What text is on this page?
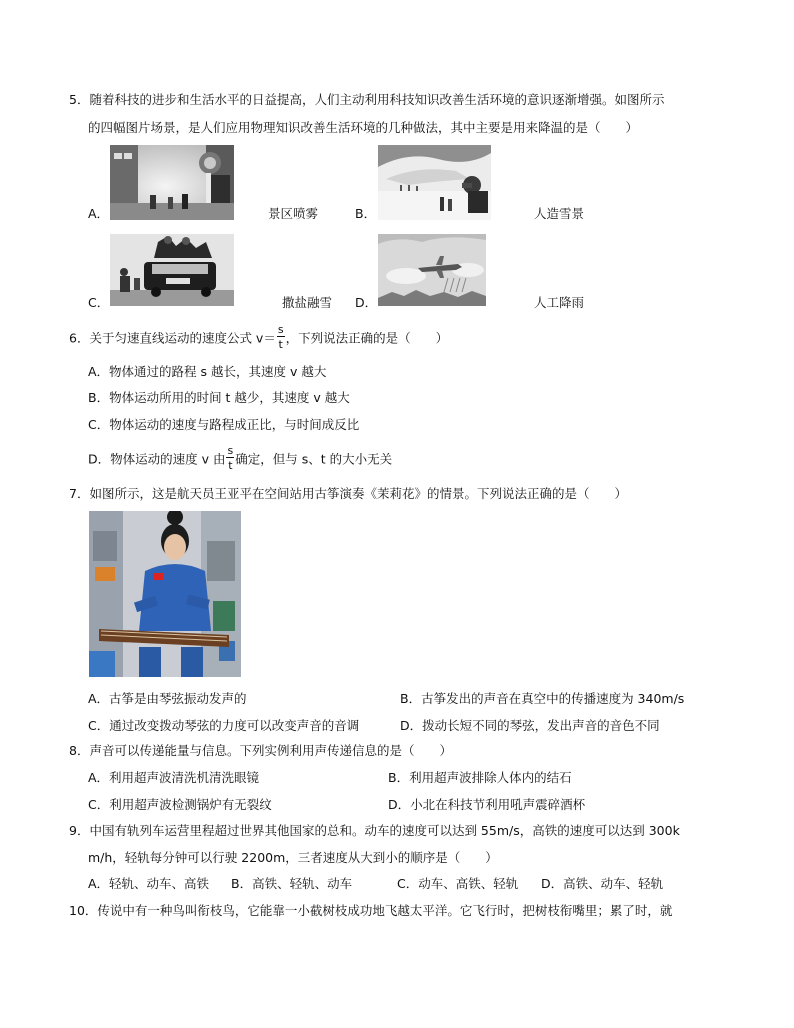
5．随着科技的进步和生活水平的日益提高，人们主动利用科技知识改善生活环境的意识逐渐增强。如图所示
的四幅图片场景，是人们应用物理知识改善生活环境的几种做法，其中主要是用来降温的是（　　）
A．	景区喷雾	B．	人造雪景
C．	撒盐融雪 D．	人工降雨
6．关于匀速直线运动的速度公式 $v= \frac{s}{t}$ ，下列说法正确的是（　　）
A．物体通过的路程 s 越长，其速度 v 越大
B．物体运动所用的时间 t 越少，其速度 v 越大
C．物体运动的速度与路程成正比，与时间成反比
D．物体运动的速度 v 由 $\frac{s}{t}$ 确定，但与 s、t 的大小无关
7．如图所示，这是航天员王亚平在空间站用古筝演奏《茉莉花》的情景。下列说法正确的是（　　）
A．古筝是由琴弦振动发声的	B．古筝发出的声音在真空中的传播速度为 340m/s
C．通过改变拨动琴弦的力度可以改变声音的音调	D．拨动长短不同的琴弦，发出声音的音色不同
8．声音可以传递能量与信息。下列实例利用声传递信息的是（　　）
A．利用超声波清洗机清洗眼镜	B．利用超声波排除人体内的结石
C．利用超声波检测锅炉有无裂纹	D．小北在科技节利用吼声震碎酒杯
9．中国有轨列车运营里程超过世界其他国家的总和。动车的速度可以达到 55m/s，高铁的速度可以达到 300k
m/h，轻轨每分钟可以行驶 2200m，三者速度从大到小的顺序是（　　）
A．轻轨、动车、高铁 B．高铁、轻轨、动车	C．动车、高铁、轻轨 D．高铁、动车、轻轨
10．传说中有一种鸟叫衔枝鸟，它能靠一小截树枝成功地飞越太平洋。它飞行时，把树枝衔嘴里；累了时，就
